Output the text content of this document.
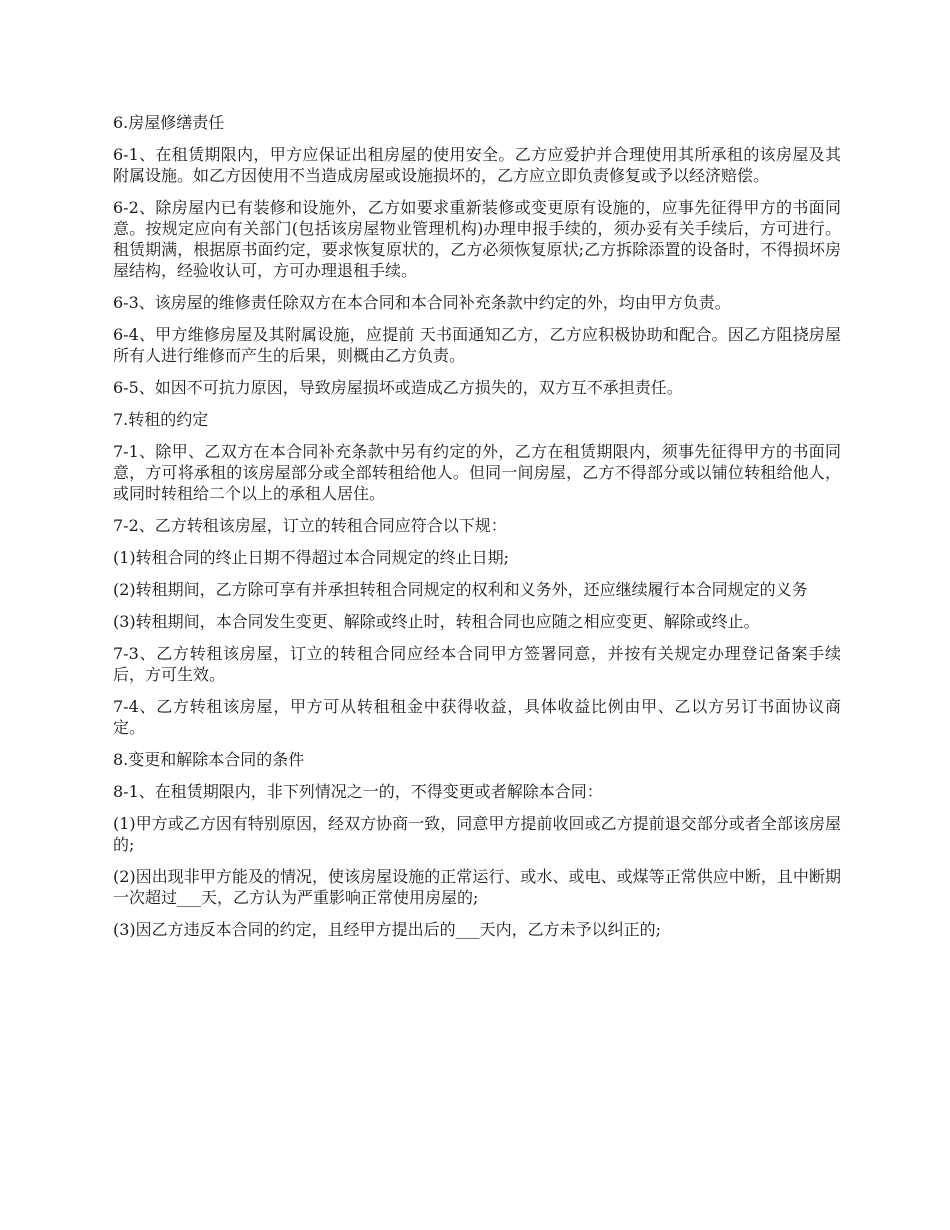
6.房屋修缮责任

6-1、在租赁期限内，甲方应保证出租房屋的使用安全。乙方应爱护并合理使用其所承租的该房屋及其附属设施。如乙方因使用不当造成房屋或设施损坏的，乙方应立即负责修复或予以经济赔偿。

6-2、除房屋内已有装修和设施外，乙方如要求重新装修或变更原有设施的，应事先征得甲方的书面同意。按规定应向有关部门(包括该房屋物业管理机构)办理申报手续的，须办妥有关手续后，方可进行。租赁期满，根据原书面约定，要求恢复原状的，乙方必须恢复原状;乙方拆除添置的设备时，不得损坏房屋结构，经验收认可，方可办理退租手续。

6-3、该房屋的维修责任除双方在本合同和本合同补充条款中约定的外，均由甲方负责。

6-4、甲方维修房屋及其附属设施，应提前 天书面通知乙方，乙方应积极协助和配合。因乙方阻挠房屋所有人进行维修而产生的后果，则概由乙方负责。

6-5、如因不可抗力原因，导致房屋损坏或造成乙方损失的，双方互不承担责任。

7.转租的约定

7-1、除甲、乙双方在本合同补充条款中另有约定的外，乙方在租赁期限内，须事先征得甲方的书面同意，方可将承租的该房屋部分或全部转租给他人。但同一间房屋，乙方不得部分或以铺位转租给他人，或同时转租给二个以上的承租人居住。

7-2、乙方转租该房屋，订立的转租合同应符合以下规：

(1)转租合同的终止日期不得超过本合同规定的终止日期;

(2)转租期间，乙方除可享有并承担转租合同规定的权利和义务外，还应继续履行本合同规定的义务

(3)转租期间，本合同发生变更、解除或终止时，转租合同也应随之相应变更、解除或终止。

7-3、乙方转租该房屋，订立的转租合同应经本合同甲方签署同意，并按有关规定办理登记备案手续后，方可生效。

7-4、乙方转租该房屋，甲方可从转租租金中获得收益，具体收益比例由甲、乙以方另订书面协议商定。

8.变更和解除本合同的条件

8-1、在租赁期限内，非下列情况之一的，不得变更或者解除本合同：

(1)甲方或乙方因有特别原因，经双方协商一致，同意甲方提前收回或乙方提前退交部分或者全部该房屋的;

(2)因出现非甲方能及的情况，使该房屋设施的正常运行、或水、或电、或煤等正常供应中断，且中断期一次超过___天，乙方认为严重影响正常使用房屋的;

(3)因乙方违反本合同的约定，且经甲方提出后的___天内，乙方未予以纠正的;
